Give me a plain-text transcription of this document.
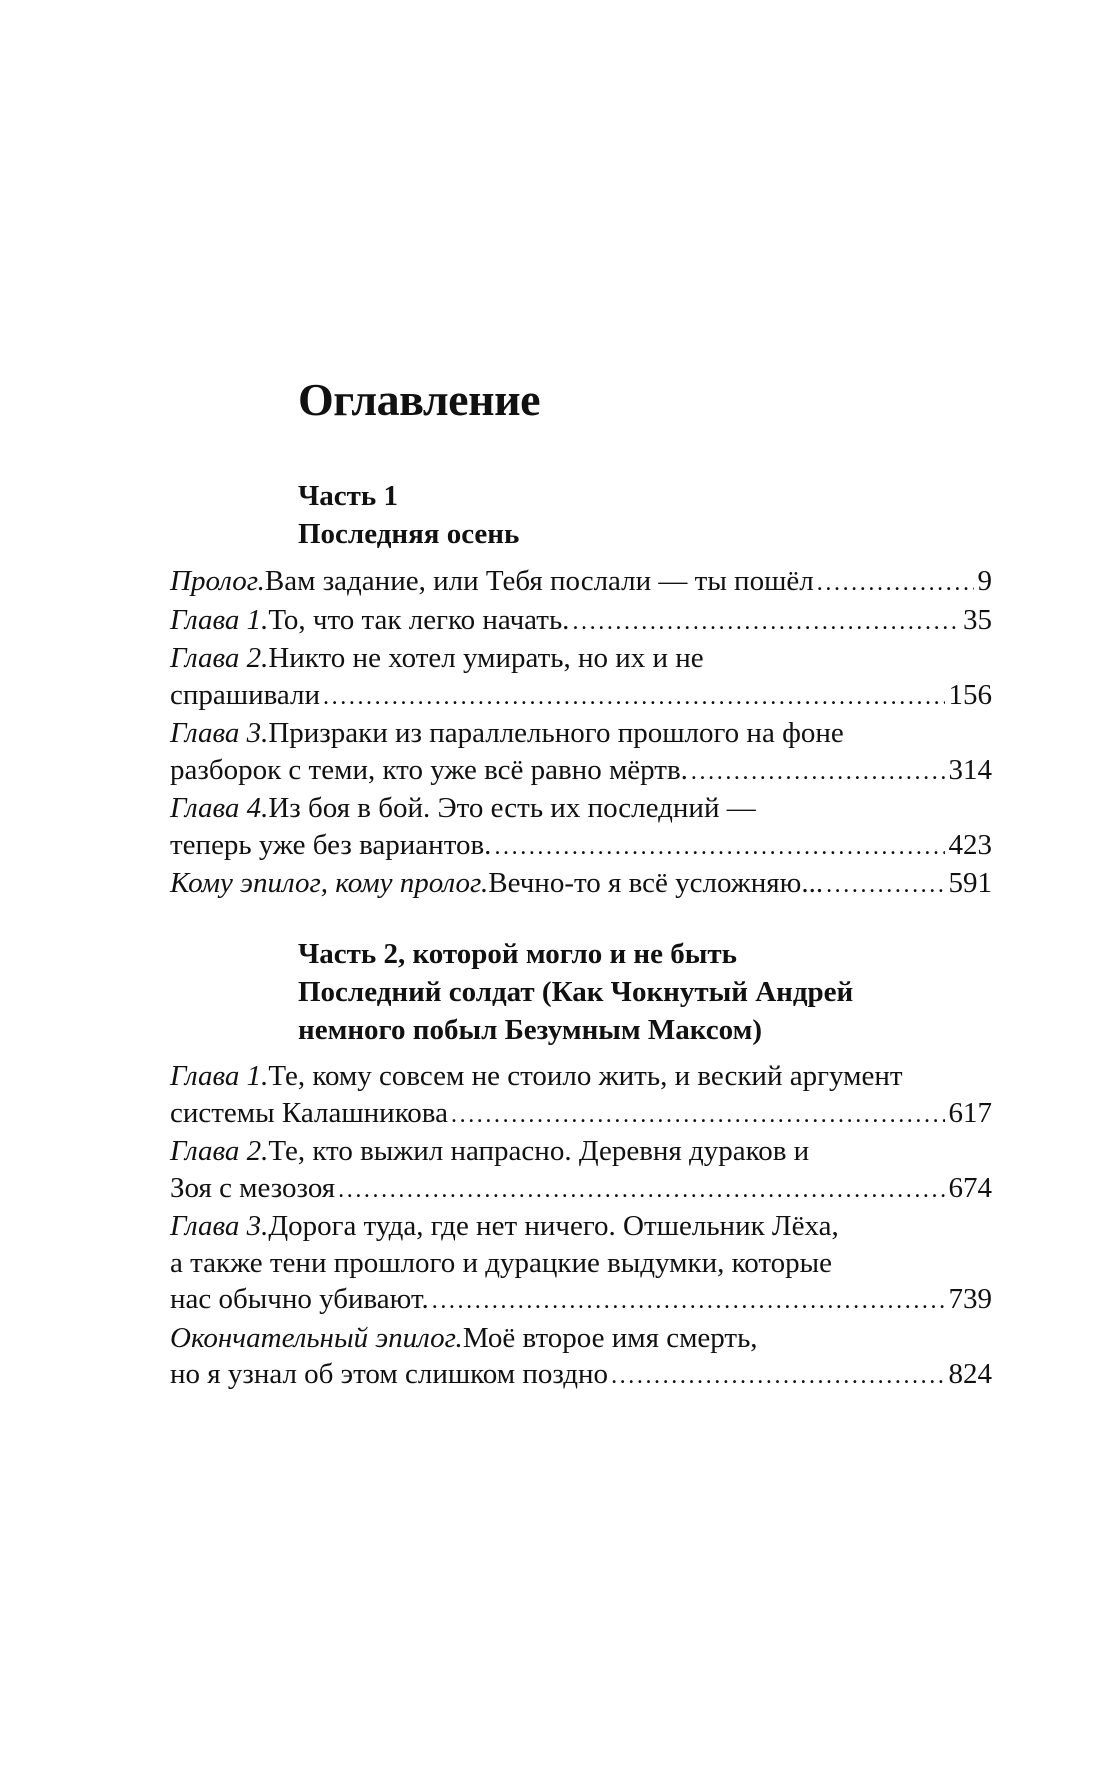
Оглавление
Часть 1
Последняя осень
Пролог. Вам задание, или Тебя послали — ты пошёл .....	9
Глава 1. То, что так легко начать. .....	35
Глава 2. Никто не хотел умирать, но их и не
спрашивали .....	156
Глава 3. Призраки из параллельного прошлого на фоне
разборок с теми, кто уже всё равно мёртв. .....	314
Глава 4. Из боя в бой. Это есть их последний —
теперь уже без вариантов. .....	423
Кому эпилог, кому пролог. Вечно-то я всё усложняю... .....	591
Часть 2, которой могло и не быть
Последний солдат (Как Чокнутый Андрей
немного побыл Безумным Максом)
Глава 1. Те, кому совсем не стоило жить, и веский аргумент
системы Калашникова .....	617
Глава 2. Те, кто выжил напрасно. Деревня дураков и
Зоя с мезозоя .....	674
Глава 3. Дорога туда, где нет ничего. Отшельник Лёха,
а также тени прошлого и дурацкие выдумки, которые
нас обычно убивают. .....	739
Окончательный эпилог. Моё второе имя смерть,
но я узнал об этом слишком поздно .....	824
